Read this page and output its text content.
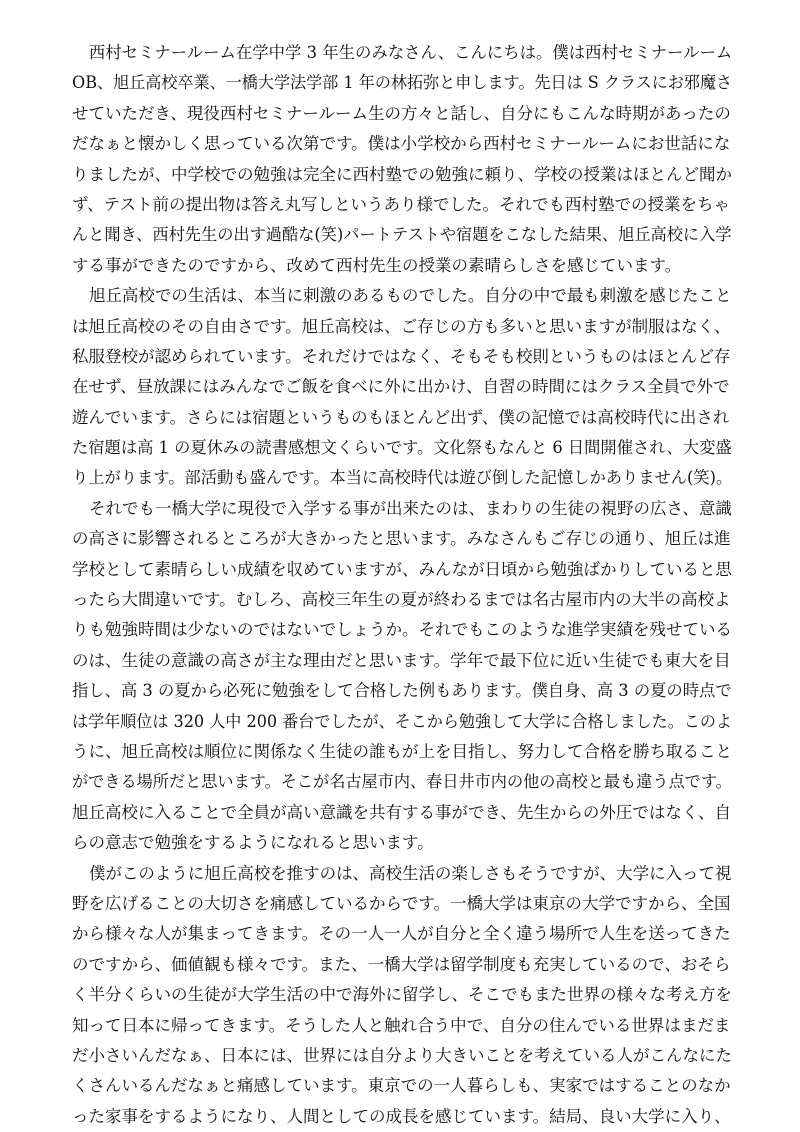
西村セミナールーム在学中学 3 年生のみなさん、こんにちは。僕は西村セミナールーム
OB、旭丘高校卒業、一橋大学法学部 1 年の林拓弥と申します。先日は S クラスにお邪魔さ
せていただき、現役西村セミナールーム生の方々と話し、自分にもこんな時期があったの
だなぁと懐かしく思っている次第です。僕は小学校から西村セミナールームにお世話にな
りましたが、中学校での勉強は完全に西村塾での勉強に頼り、学校の授業はほとんど聞か
ず、テスト前の提出物は答え丸写しというあり様でした。それでも西村塾での授業をちゃ
んと聞き、西村先生の出す過酷な(笑)パートテストや宿題をこなした結果、旭丘高校に入学
する事ができたのですから、改めて西村先生の授業の素晴らしさを感じています。
旭丘高校での生活は、本当に刺激のあるものでした。自分の中で最も刺激を感じたこと
は旭丘高校のその自由さです。旭丘高校は、ご存じの方も多いと思いますが制服はなく、
私服登校が認められています。それだけではなく、そもそも校則というものはほとんど存
在せず、昼放課にはみんなでご飯を食べに外に出かけ、自習の時間にはクラス全員で外で
遊んでいます。さらには宿題というものもほとんど出ず、僕の記憶では高校時代に出され
た宿題は高 1 の夏休みの読書感想文くらいです。文化祭もなんと 6 日間開催され、大変盛
り上がります。部活動も盛んです。本当に高校時代は遊び倒した記憶しかありません(笑)。
それでも一橋大学に現役で入学する事が出来たのは、まわりの生徒の視野の広さ、意識
の高さに影響されるところが大きかったと思います。みなさんもご存じの通り、旭丘は進
学校として素晴らしい成績を収めていますが、みんなが日頃から勉強ばかりしていると思
ったら大間違いです。むしろ、高校三年生の夏が終わるまでは名古屋市内の大半の高校よ
りも勉強時間は少ないのではないでしょうか。それでもこのような進学実績を残せている
のは、生徒の意識の高さが主な理由だと思います。学年で最下位に近い生徒でも東大を目
指し、高 3 の夏から必死に勉強をして合格した例もあります。僕自身、高 3 の夏の時点で
は学年順位は 320 人中 200 番台でしたが、そこから勉強して大学に合格しました。このよ
うに、旭丘高校は順位に関係なく生徒の誰もが上を目指し、努力して合格を勝ち取ること
ができる場所だと思います。そこが名古屋市内、春日井市内の他の高校と最も違う点です。
旭丘高校に入ることで全員が高い意識を共有する事ができ、先生からの外圧ではなく、自
らの意志で勉強をするようになれると思います。
僕がこのように旭丘高校を推すのは、高校生活の楽しさもそうですが、大学に入って視
野を広げることの大切さを痛感しているからです。一橋大学は東京の大学ですから、全国
から様々な人が集まってきます。その一人一人が自分と全く違う場所で人生を送ってきた
のですから、価値観も様々です。また、一橋大学は留学制度も充実しているので、おそら
く半分くらいの生徒が大学生活の中で海外に留学し、そこでもまた世界の様々な考え方を
知って日本に帰ってきます。そうした人と触れ合う中で、自分の住んでいる世界はまだま
だ小さいんだなぁ、日本には、世界には自分より大きいことを考えている人がこんなにた
くさんいるんだなぁと痛感しています。東京での一人暮らしも、実家ではすることのなか
った家事をするようになり、人間としての成長を感じています。結局、良い大学に入り、
